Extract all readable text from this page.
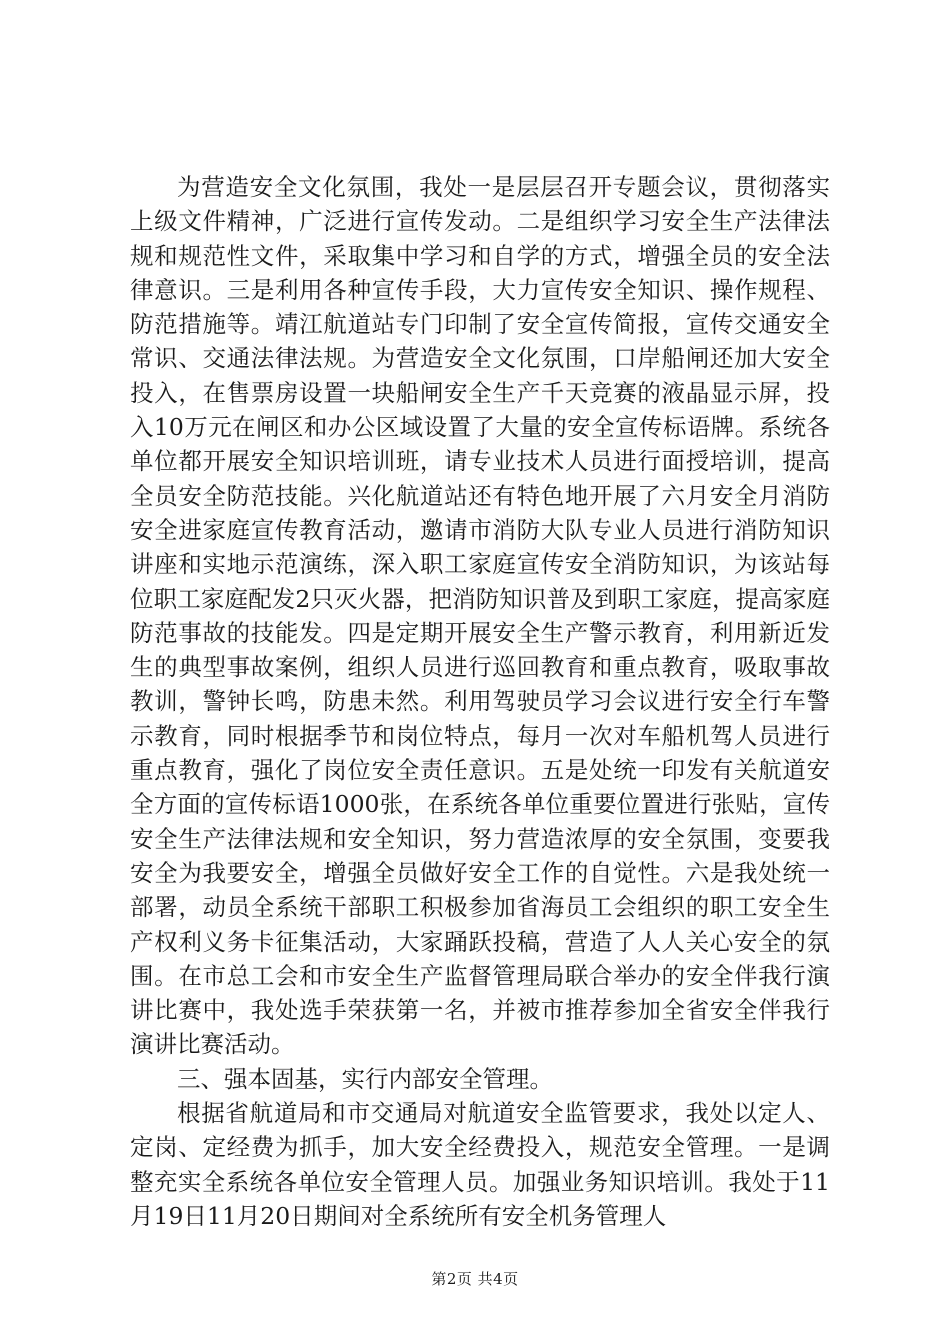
为营造安全文化氛围，我处一是层层召开专题会议，贯彻落实上级文件精神，广泛进行宣传发动。二是组织学习安全生产法律法规和规范性文件，采取集中学习和自学的方式，增强全员的安全法律意识。三是利用各种宣传手段，大力宣传安全知识、操作规程、防范措施等。靖江航道站专门印制了安全宣传简报，宣传交通安全常识、交通法律法规。为营造安全文化氛围，口岸船闸还加大安全投入，在售票房设置一块船闸安全生产千天竞赛的液晶显示屏，投入10万元在闸区和办公区域设置了大量的安全宣传标语牌。系统各单位都开展安全知识培训班，请专业技术人员进行面授培训，提高全员安全防范技能。兴化航道站还有特色地开展了六月安全月消防安全进家庭宣传教育活动，邀请市消防大队专业人员进行消防知识讲座和实地示范演练，深入职工家庭宣传安全消防知识，为该站每位职工家庭配发2只灭火器，把消防知识普及到职工家庭，提高家庭防范事故的技能发。四是定期开展安全生产警示教育，利用新近发生的典型事故案例，组织人员进行巡回教育和重点教育，吸取事故教训，警钟长鸣，防患未然。利用驾驶员学习会议进行安全行车警示教育，同时根据季节和岗位特点，每月一次对车船机驾人员进行重点教育，强化了岗位安全责任意识。五是处统一印发有关航道安全方面的宣传标语1000张，在系统各单位重要位置进行张贴，宣传安全生产法律法规和安全知识，努力营造浓厚的安全氛围，变要我安全为我要安全，增强全员做好安全工作的自觉性。六是我处统一部署，动员全系统干部职工积极参加省海员工会组织的职工安全生产权利义务卡征集活动，大家踊跃投稿，营造了人人关心安全的氛围。在市总工会和市安全生产监督管理局联合举办的安全伴我行演讲比赛中，我处选手荣获第一名，并被市推荐参加全省安全伴我行演讲比赛活动。

三、强本固基，实行内部安全管理。

根据省航道局和市交通局对航道安全监管要求，我处以定人、定岗、定经费为抓手，加大安全经费投入，规范安全管理。一是调整充实全系统各单位安全管理人员。加强业务知识培训。我处于11月19日11月20日期间对全系统所有安全机务管理人

第2页 共4页
